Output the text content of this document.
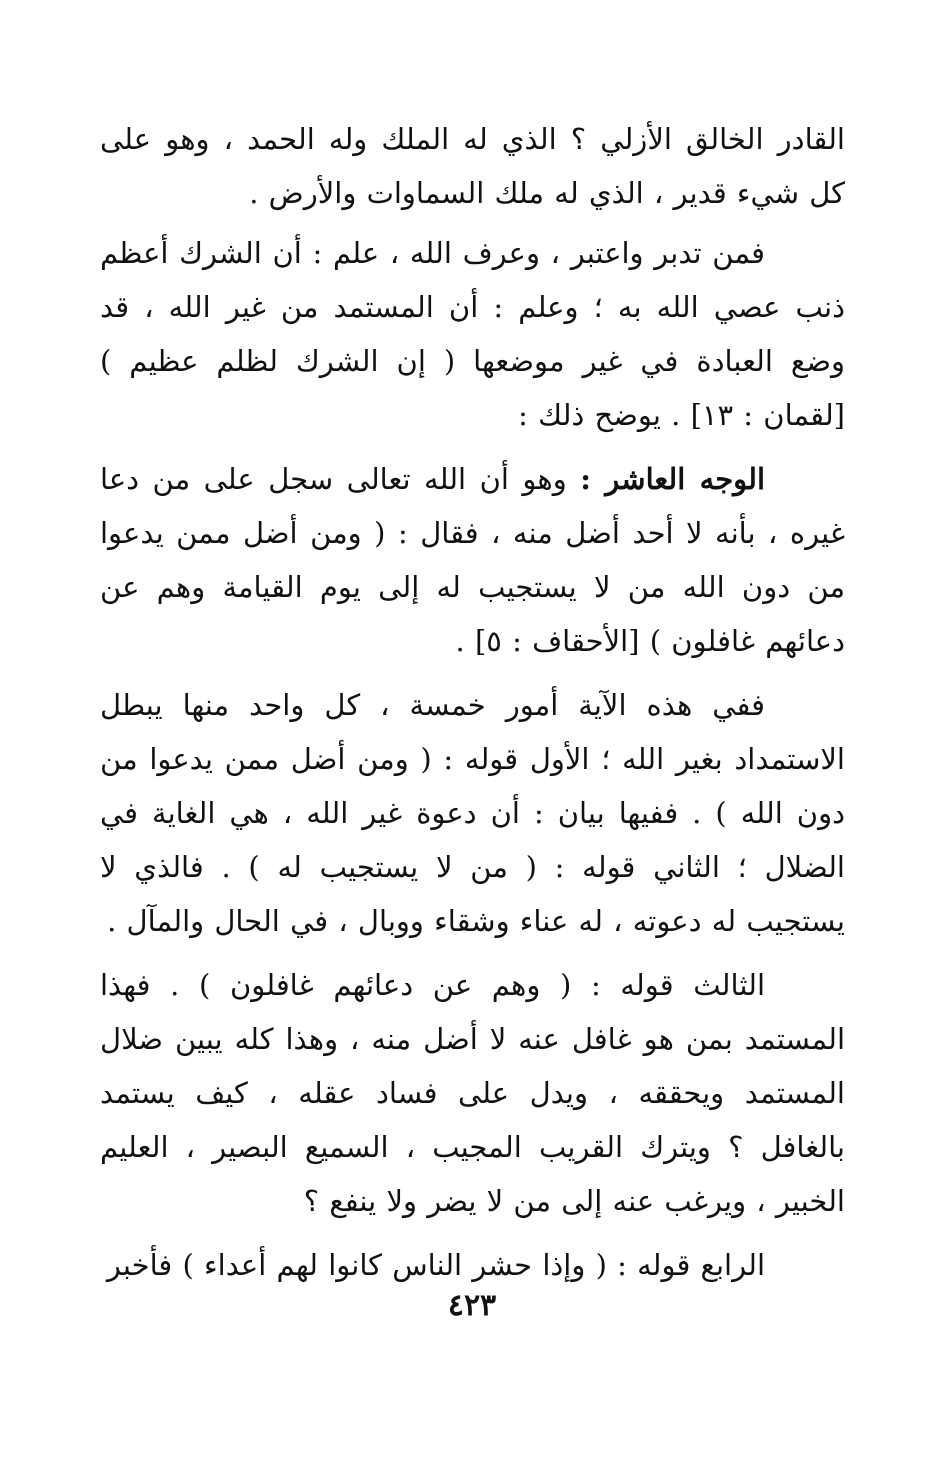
القادر الخالق الأزلي ؟ الذي له الملك وله الحمد ، وهو على كل شيء قدير ، الذي له ملك السماوات والأرض .

فمن تدبر واعتبر ، وعرف الله ، علم : أن الشرك أعظم ذنب عصي الله به ؛ وعلم : أن المستمد من غير الله ، قد وضع العبادة في غير موضعها ( إن الشرك لظلم عظيم ) [لقمان : ١٣] . يوضح ذلك :

الوجه العاشر : وهو أن الله تعالى سجل على من دعا غيره ، بأنه لا أحد أضل منه ، فقال : ( ومن أضل ممن يدعوا من دون الله من لا يستجيب له إلى يوم القيامة وهم عن دعائهم غافلون ) [الأحقاف : ٥] .

ففي هذه الآية أمور خمسة ، كل واحد منها يبطل الاستمداد بغير الله ؛ الأول قوله : ( ومن أضل ممن يدعوا من دون الله ) . ففيها بيان : أن دعوة غير الله ، هي الغاية في الضلال ؛ الثاني قوله : ( من لا يستجيب له ) . فالذي لا يستجيب له دعوته ، له عناء وشقاء ووبال ، في الحال والمآل .

الثالث قوله : ( وهم عن دعائهم غافلون ) . فهذا المستمد بمن هو غافل عنه لا أضل منه ، وهذا كله يبين ضلال المستمد ويحققه ، ويدل على فساد عقله ، كيف يستمد بالغافل ؟ ويترك القريب المجيب ، السميع البصير ، العليم الخبير ، ويرغب عنه إلى من لا يضر ولا ينفع ؟

الرابع قوله : ( وإذا حشر الناس كانوا لهم أعداء ) فأخبر

٤٢٣
